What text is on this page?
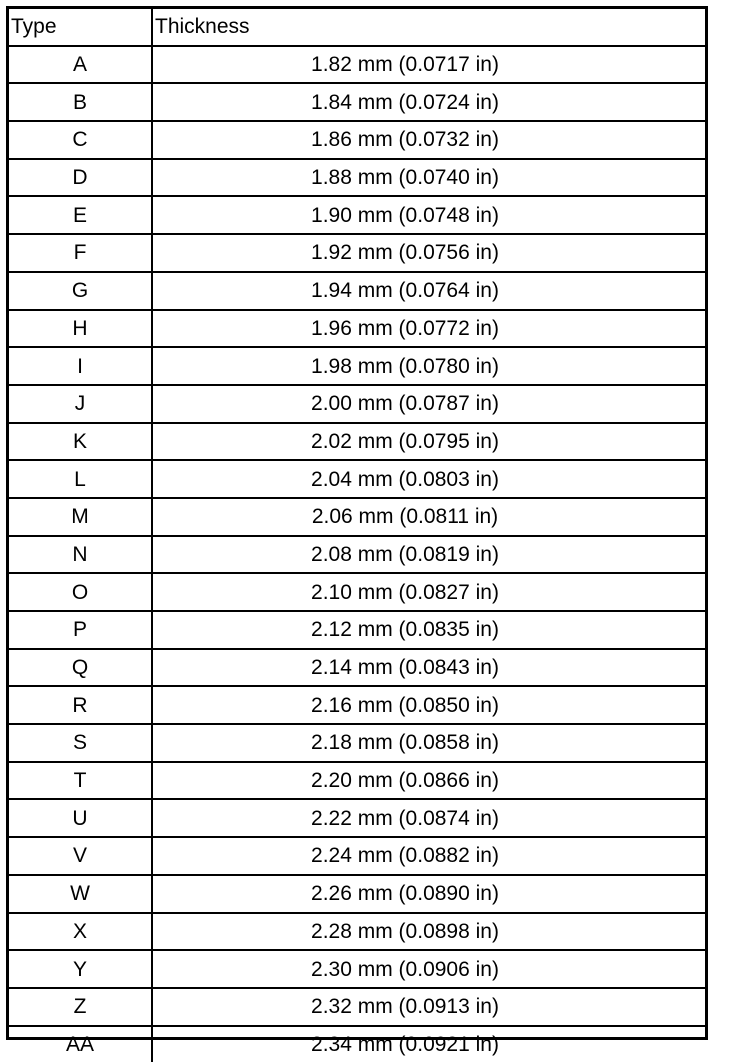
Type	Thickness
A	1.82 mm (0.0717 in)
B	1.84 mm (0.0724 in)
C	1.86 mm (0.0732 in)
D	1.88 mm (0.0740 in)
E	1.90 mm (0.0748 in)
F	1.92 mm (0.0756 in)
G	1.94 mm (0.0764 in)
H	1.96 mm (0.0772 in)
I	1.98 mm (0.0780 in)
J	2.00 mm (0.0787 in)
K	2.02 mm (0.0795 in)
L	2.04 mm (0.0803 in)
M	2.06 mm (0.0811 in)
N	2.08 mm (0.0819 in)
O	2.10 mm (0.0827 in)
P	2.12 mm (0.0835 in)
Q	2.14 mm (0.0843 in)
R	2.16 mm (0.0850 in)
S	2.18 mm (0.0858 in)
T	2.20 mm (0.0866 in)
U	2.22 mm (0.0874 in)
V	2.24 mm (0.0882 in)
W	2.26 mm (0.0890 in)
X	2.28 mm (0.0898 in)
Y	2.30 mm (0.0906 in)
Z	2.32 mm (0.0913 in)
AA	2.34 mm (0.0921 in)
